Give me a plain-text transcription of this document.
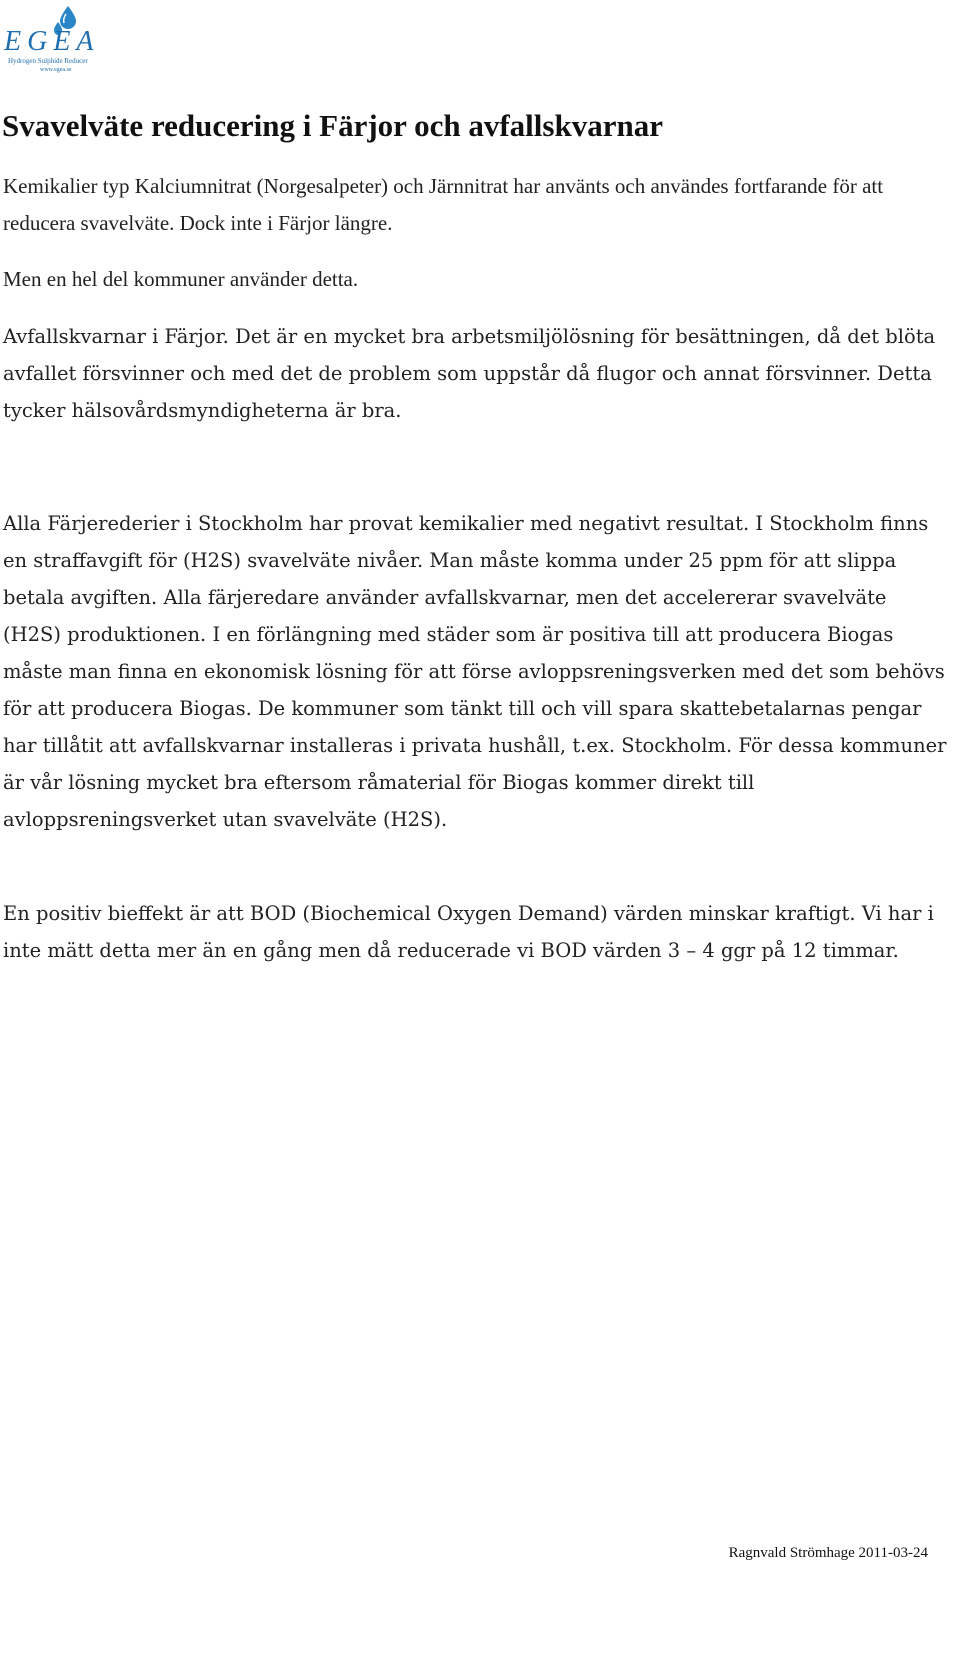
EGEA
Hydrogen Sulphide Reducer
www.egea.se
Svavelväte reducering i Färjor och avfallskvarnar

Kemikalier typ Kalciumnitrat (Norgesalpeter) och Järnnitrat har använts och användes fortfarande för att reducera svavelväte. Dock inte i Färjor längre.

Men en hel del kommuner använder detta.

Avfallskvarnar i Färjor. Det är en mycket bra arbetsmiljölösning för besättningen, då det blöta avfallet försvinner och med det de problem som uppstår då flugor och annat försvinner. Detta tycker hälsovårdsmyndigheterna är bra.

Alla Färjerederier i Stockholm har provat kemikalier med negativt resultat. I Stockholm finns en straffavgift för (H2S) svavelväte nivåer. Man måste komma under 25 ppm för att slippa betala avgiften. Alla färjeredare använder avfallskvarnar, men det accelererar svavelväte (H2S) produktionen. I en förlängning med städer som är positiva till att producera Biogas måste man finna en ekonomisk lösning för att förse avloppsreningsverken med det som behövs för att producera Biogas. De kommuner som tänkt till och vill spara skattebetalarnas pengar har tillåtit att avfallskvarnar installeras i privata hushåll, t.ex. Stockholm. För dessa kommuner är vår lösning mycket bra eftersom råmaterial för Biogas kommer direkt till avloppsreningsverket utan svavelväte (H2S).

En positiv bieffekt är att BOD (Biochemical Oxygen Demand) värden minskar kraftigt. Vi har i inte mätt detta mer än en gång men då reducerade vi BOD värden 3 – 4 ggr på 12 timmar.

Ragnvald Strömhage 2011-03-24
